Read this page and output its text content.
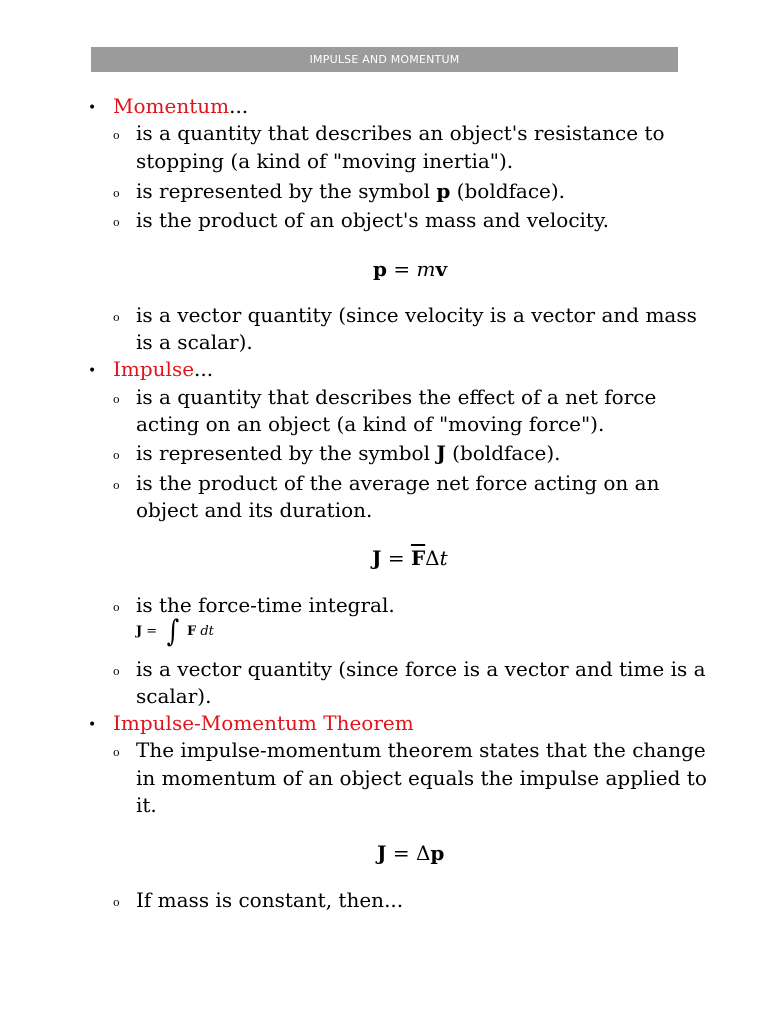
IMPULSE AND MOMENTUM
• Momentum...
o is a quantity that describes an object's resistance to
stopping (a kind of "moving inertia").
o is represented by the symbol p (boldface).
o is the product of an object's mass and velocity.
p = mv
o is a vector quantity (since velocity is a vector and mass
is a scalar).
• Impulse...
o is a quantity that describes the effect of a net force
acting on an object (a kind of "moving force").
o is represented by the symbol J (boldface).
o is the product of the average net force acting on an
object and its duration.
$J = \overline{F}\Delta t$
o is the force-time integral.
J = ∫ F dt
o is a vector quantity (since force is a vector and time is a
scalar).
• Impulse-Momentum Theorem
o The impulse-momentum theorem states that the change
in momentum of an object equals the impulse applied to
it.
J = Δp
o If mass is constant, then...
